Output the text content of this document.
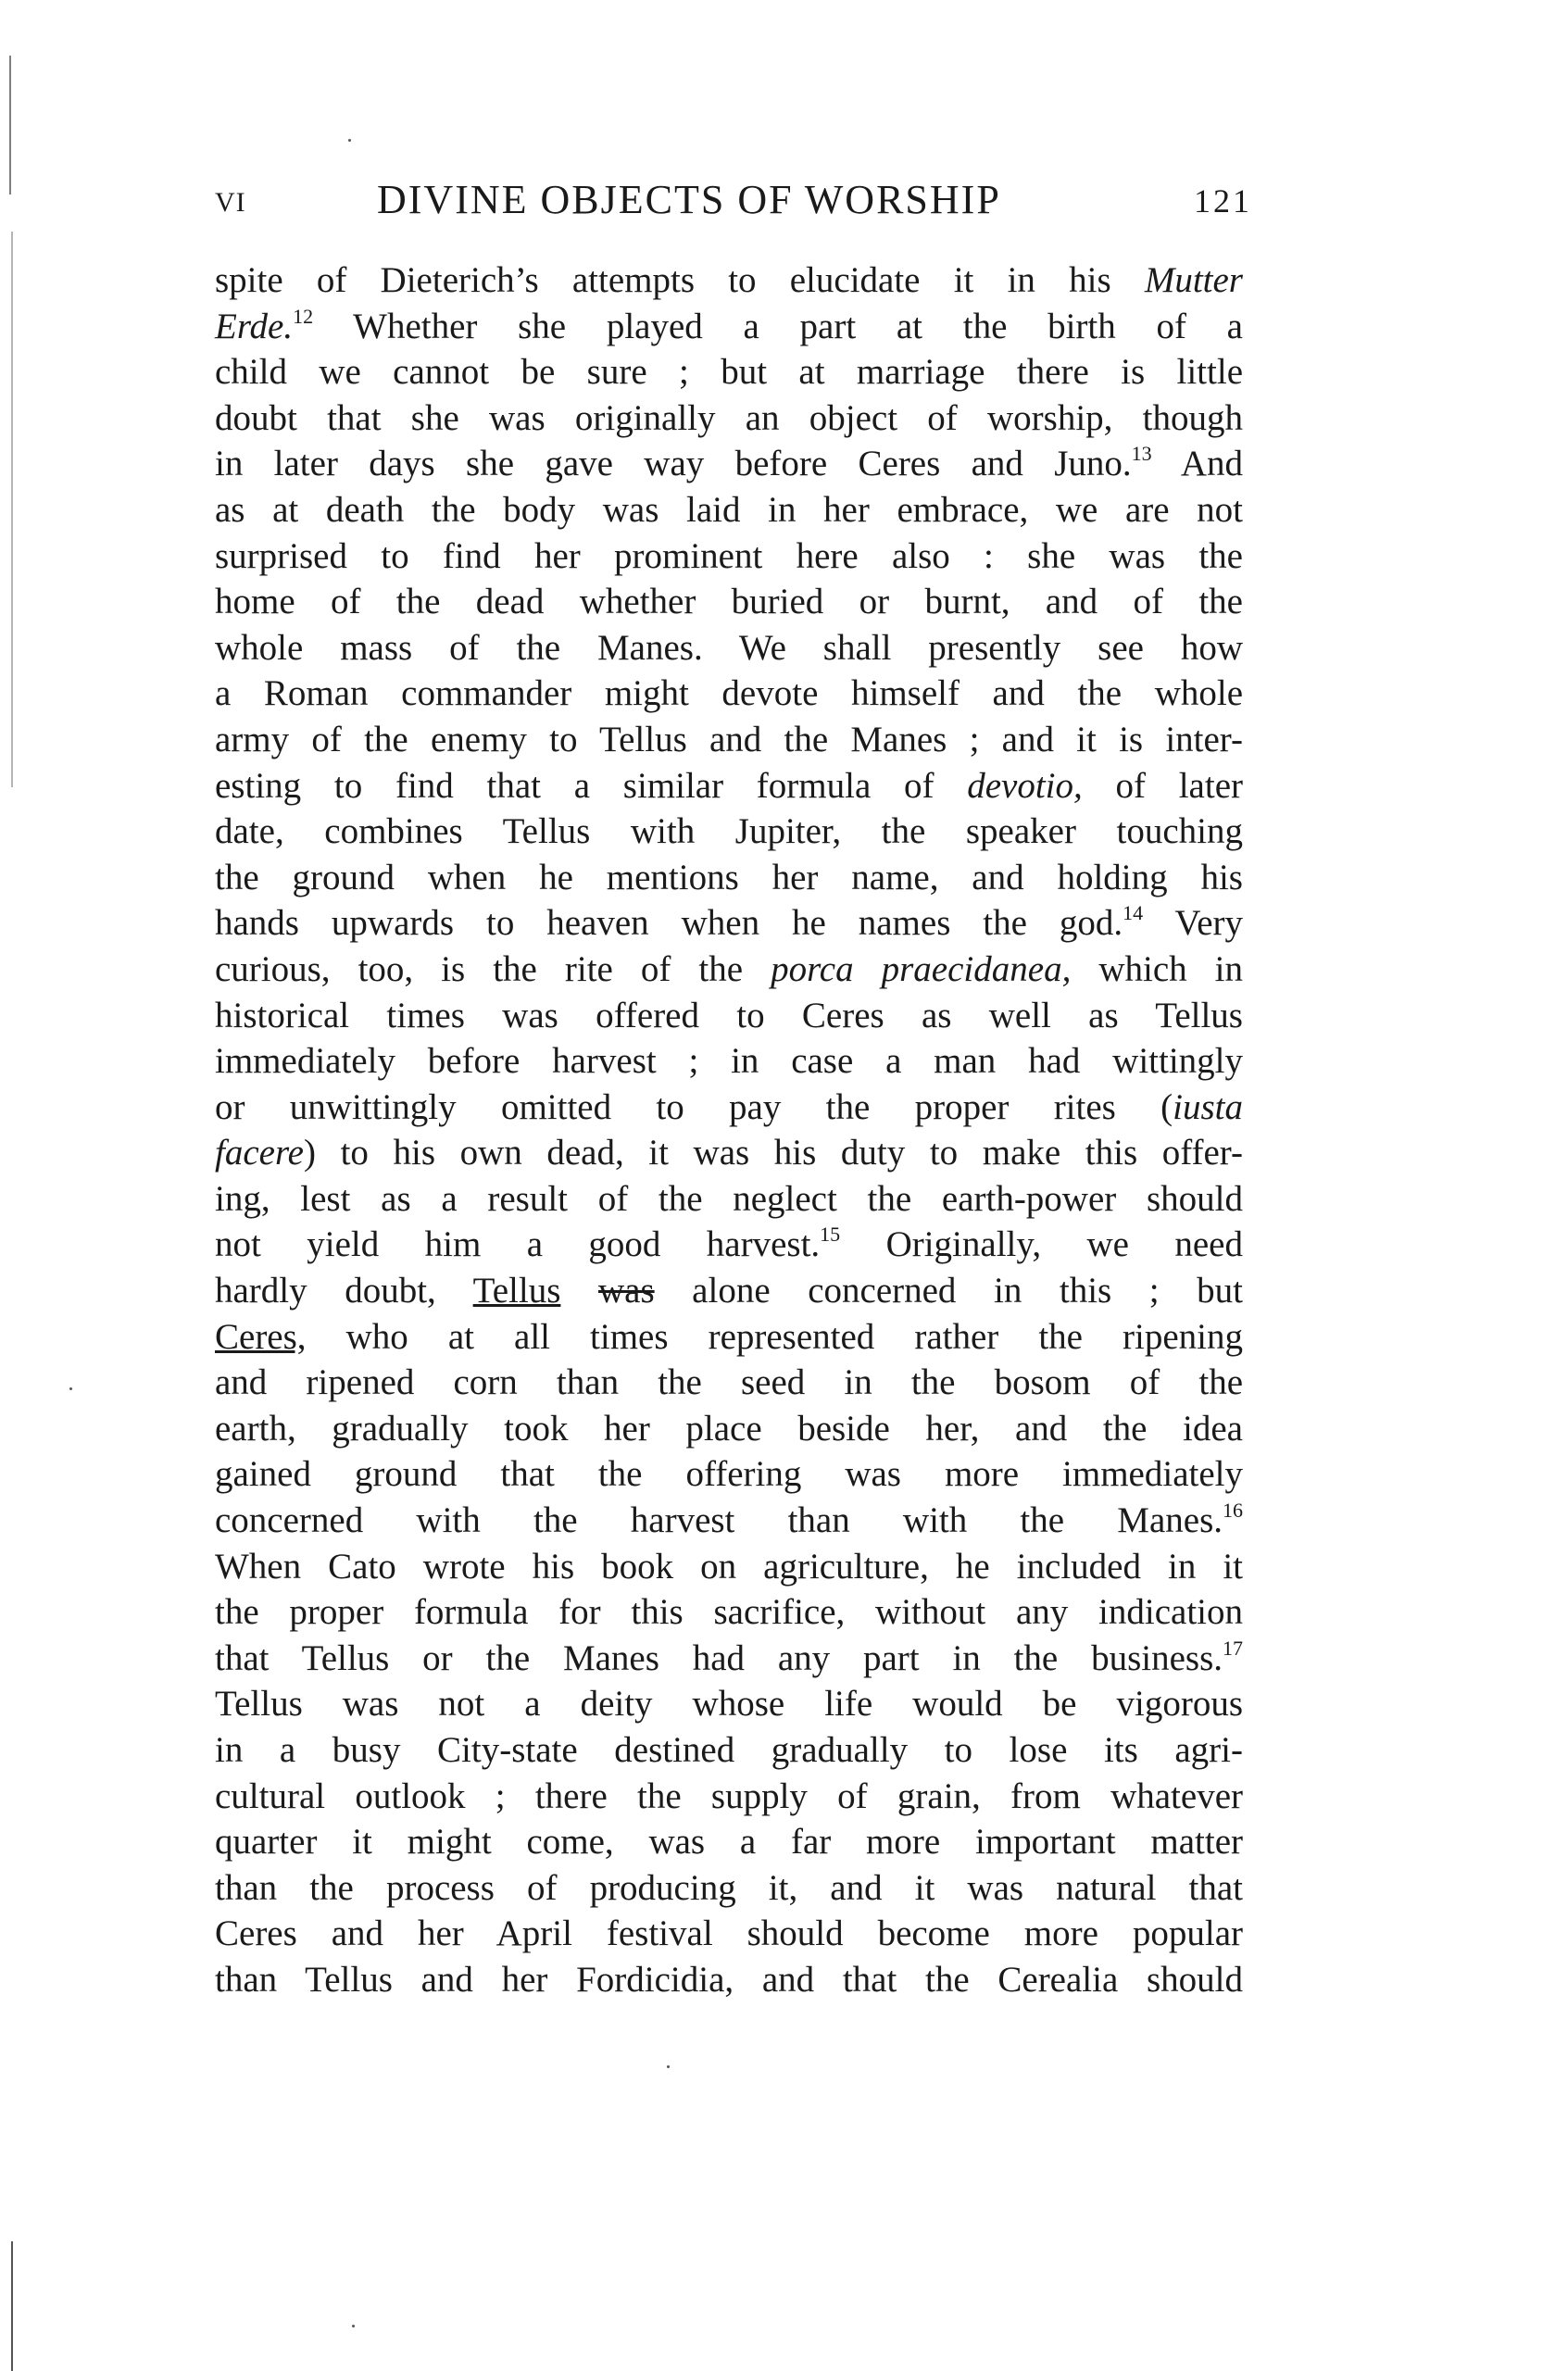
VI	DIVINE OBJECTS OF WORSHIP	121
spite of Dieterich’s attempts to elucidate it in his Mutter
Erde.$^{12}$ Whether she played a part at the birth of a
child we cannot be sure ; but at marriage there is little
doubt that she was originally an object of worship, though
in later days she gave way before Ceres and Juno.$^{13}$ And
as at death the body was laid in her embrace, we are not
surprised to find her prominent here also : she was the
home of the dead whether buried or burnt, and of the
whole mass of the Manes. We shall presently see how
a Roman commander might devote himself and the whole
army of the enemy to Tellus and the Manes ; and it is inter-
esting to find that a similar formula of devotio, of later
date, combines Tellus with Jupiter, the speaker touching
the ground when he mentions her name, and holding his
hands upwards to heaven when he names the god.$^{14}$ Very
curious, too, is the rite of the porca praecidanea, which in
historical times was offered to Ceres as well as Tellus
immediately before harvest ; in case a man had wittingly
or unwittingly omitted to pay the proper rites (iusta
facere) to his own dead, it was his duty to make this offer-
ing, lest as a result of the neglect the earth-power should
not yield him a good harvest.$^{15}$ Originally, we need
hardly doubt, Tellus was alone concerned in this ; but
Ceres, who at all times represented rather the ripening
and ripened corn than the seed in the bosom of the
earth, gradually took her place beside her, and the idea
gained ground that the offering was more immediately
concerned with the harvest than with the Manes.$^{16}$
When Cato wrote his book on agriculture, he included in it
the proper formula for this sacrifice, without any indication
that Tellus or the Manes had any part in the business.$^{17}$
Tellus was not a deity whose life would be vigorous
in a busy City-state destined gradually to lose its agri-
cultural outlook ; there the supply of grain, from whatever
quarter it might come, was a far more important matter
than the process of producing it, and it was natural that
Ceres and her April festival should become more popular
than Tellus and her Fordicidia, and that the Cerealia should
